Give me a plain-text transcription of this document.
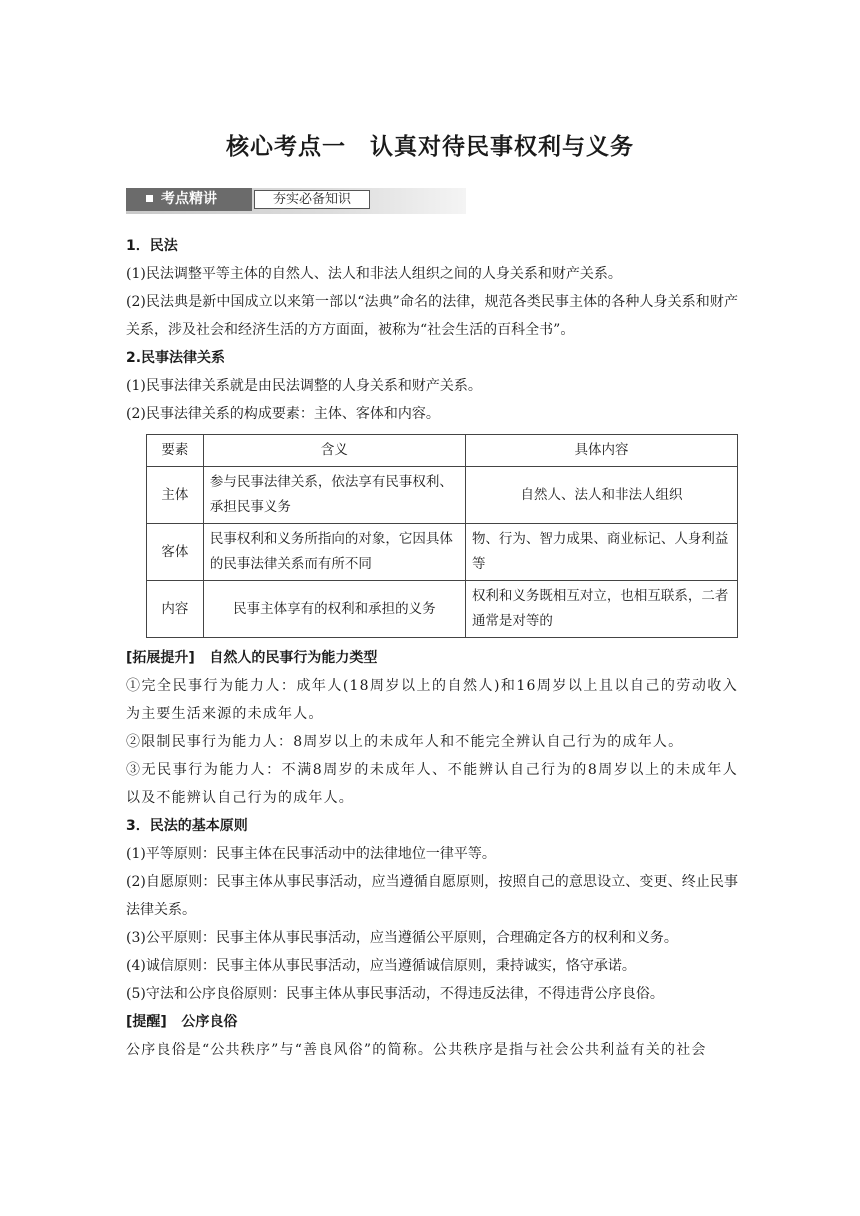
核心考点一　认真对待民事权利与义务
考点精讲	夯实必备知识

1．民法

(1)民法调整平等主体的自然人、法人和非法人组织之间的人身关系和财产关系。

(2)民法典是新中国成立以来第一部以“法典”命名的法律，规范各类民事主体的各种人身关系和财产关系，涉及社会和经济生活的方方面面，被称为“社会生活的百科全书”。

2.民事法律关系

(1)民事法律关系就是由民法调整的人身关系和财产关系。

(2)民事法律关系的构成要素：主体、客体和内容。

要素	含义	具体内容
主体	参与民事法律关系，依法享有民事权利、承担民事义务	自然人、法人和非法人组织
客体	民事权利和义务所指向的对象，它因具体的民事法律关系而有所不同	物、行为、智力成果、商业标记、人身利益等
内容	民事主体享有的权利和承担的义务	权利和义务既相互对立，也相互联系，二者通常是对等的

[拓展提升] 自然人的民事行为能力类型

①完全民事行为能力人：成年人(18周岁以上的自然人)和16周岁以上且以自己的劳动收入为主要生活来源的未成年人。

②限制民事行为能力人：8周岁以上的未成年人和不能完全辨认自己行为的成年人。

③无民事行为能力人：不满8周岁的未成年人、不能辨认自己行为的8周岁以上的未成年人以及不能辨认自己行为的成年人。

3．民法的基本原则

(1)平等原则：民事主体在民事活动中的法律地位一律平等。

(2)自愿原则：民事主体从事民事活动，应当遵循自愿原则，按照自己的意思设立、变更、终止民事法律关系。

(3)公平原则：民事主体从事民事活动，应当遵循公平原则，合理确定各方的权利和义务。

(4)诚信原则：民事主体从事民事活动，应当遵循诚信原则，秉持诚实，恪守承诺。

(5)守法和公序良俗原则：民事主体从事民事活动，不得违反法律，不得违背公序良俗。

[提醒] 公序良俗

公序良俗是“公共秩序”与“善良风俗”的简称。公共秩序是指与社会公共利益有关的社会
